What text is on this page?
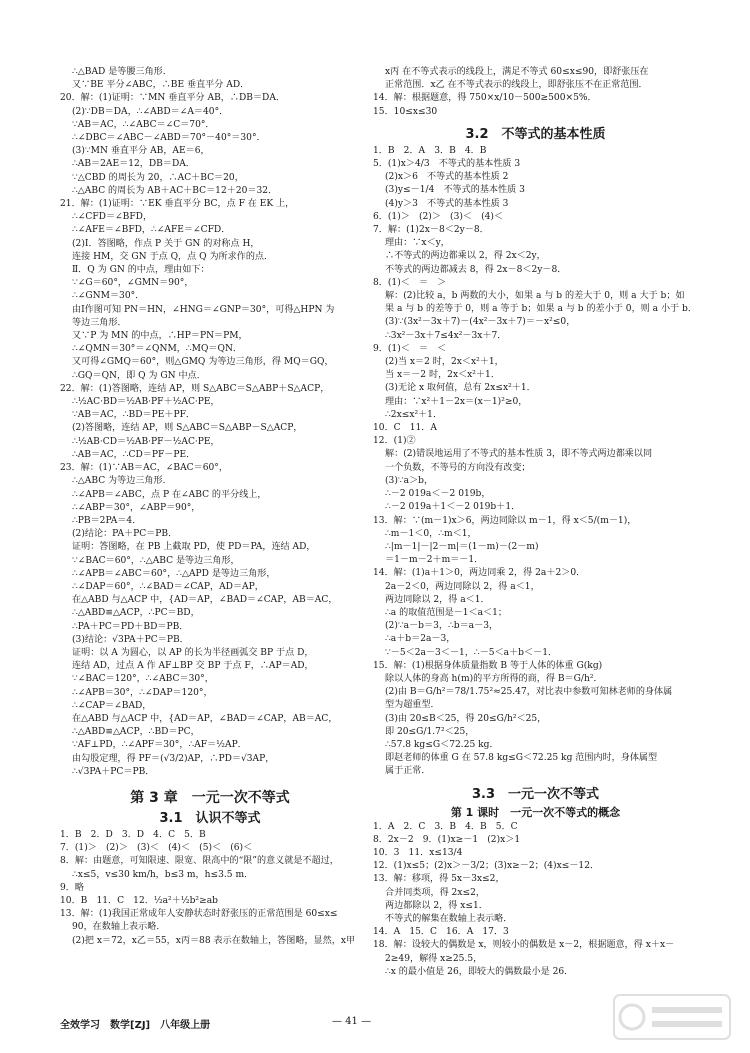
∴△BAD 是等腰三角形．
又∵BE 平分∠ABC，∴BE 垂直平分 AD．
20．解：(1)证明：∵MN 垂直平分 AB，∴DB＝DA．
(2)∵DB＝DA，∴∠ABD＝∠A＝40°．
∵AB＝AC，∴∠ABC＝∠C＝70°．
∴∠DBC＝∠ABC－∠ABD＝70°－40°＝30°．
(3)∵MN 垂直平分 AB，AE＝6，
∴AB＝2AE＝12，DB＝DA．
∵△CBD 的周长为 20，∴AC＋BC＝20，
∴△ABC 的周长为 AB＋AC＋BC＝12＋20＝32．
21．解：(1)证明：∵EK 垂直平分 BC，点 F 在 EK 上，
∴∠CFD＝∠BFD，
∴∠AFE＝∠BFD，∴∠AFE＝∠CFD．
(2)Ⅰ．答图略，作点 P 关于 GN 的对称点 H，
连接 HM，交 GN 于点 Q，点 Q 为所求作的点．
Ⅱ．Q 为 GN 的中点，理由如下：
∵∠G＝60°，∠GMN＝90°，
∴∠GNM＝30°．
由Ⅰ作图可知 PN＝HN，∠HNG＝∠GNP＝30°，可得△HPN 为
等边三角形．
又∵P 为 MN 的中点，∴HP＝PN＝PM，
∴∠QMN＝30°＝∠QNM，∴MQ＝QN．
又可得∠GMQ＝60°，则△GMQ 为等边三角形，得 MQ＝GQ，
∴GQ＝QN，即 Q 为 GN 中点．
22．解：(1)答图略，连结 AP，则 S△ABC＝S△ABP＋S△ACP，
∴½AC·BD＝½AB·PF＋½AC·PE，
∵AB＝AC，∴BD＝PE＋PF．
(2)答图略，连结 AP，则 S△ABC＝S△ABP－S△ACP，
∴½AB·CD＝½AB·PF－½AC·PE，
∴AB＝AC，∴CD＝PF－PE．
23．解：(1)∵AB＝AC，∠BAC＝60°，
∴△ABC 为等边三角形．
∴∠APB＝∠ABC，点 P 在∠ABC 的平分线上，
∴∠ABP＝30°，∠ABP＝90°，
∴PB＝2PA＝4．
(2)结论：PA＋PC＝PB．
证明：答图略，在 PB 上截取 PD，使 PD＝PA，连结 AD，
∵∠BAC＝60°，∴△ABC 是等边三角形，
∴∠APB＝∠ABC＝60°，∴△APD 是等边三角形，
∴∠DAP＝60°，∴∠BAD＝∠CAP，AD＝AP，
在△ABD 与△ACP 中，{AD＝AP，∠BAD＝∠CAP，AB＝AC，
∴△ABD≌△ACP，∴PC＝BD，
∴PA＋PC＝PD＋BD＝PB．
(3)结论：√3PA＋PC＝PB．
证明：以 A 为圆心，以 AP 的长为半径画弧交 BP 于点 D，
连结 AD，过点 A 作 AF⊥BP 交 BP 于点 F，∴AP＝AD，
∵∠BAC＝120°，∴∠ABC＝30°，
∴∠APB＝30°，∴∠DAP＝120°，
∴∠CAP＝∠BAD，
在△ABD 与△ACP 中，{AD＝AP，∠BAD＝∠CAP，AB＝AC，
∴△ABD≌△ACP，∴BD＝PC，
∵AF⊥PD，∴∠APF＝30°，∴AF＝½AP．
由勾股定理，得 PF＝(√3/2)AP，∴PD＝√3AP，
∴√3PA＋PC＝PB．
第 3 章　一元一次不等式
3.1　认识不等式
1．B　2．D　3．D　4．C　5．B
7．(1)＞　(2)＞　(3)＜　(4)＜　(5)＜　(6)＜
8．解：由题意，可知限速、限宽、限高中的“限”的意义就是不超过，
∴x≤5，v≤30 km/h，b≤3 m，h≤3.5 m．
9．略
10．B　11．C　12．½a²＋½b²≥ab
13．解：(1)我国正常成年人安静状态时舒张压的正常范围是 60≤x≤
90，在数轴上表示略．
(2)把 x＝72，x乙＝55，x丙＝88 表示在数轴上，答图略，显然，x甲
x丙 在不等式表示的线段上，满足不等式 60≤x≤90，即舒张压在
正常范围．x乙 在不等式表示的线段上，即舒张压不在正常范围．
14．解：根据题意，得 750×x/10－500≥500×5%．
15．10≤x≤30
3.2　不等式的基本性质
1．B　2．A　3．B　4．B
5．(1)x＞4/3　不等式的基本性质 3
(2)x＞6　不等式的基本性质 2
(3)y≤－1/4　不等式的基本性质 3
(4)y＞3　不等式的基本性质 3
6．(1)＞　(2)＞　(3)＜　(4)＜
7．解：(1)2x－8＜2y－8．
理由：∵x＜y，
∴不等式的两边都乘以 2，得 2x＜2y，
不等式的两边都减去 8，得 2x－8＜2y－8．
8．(1)＜　＝　＞
解：(2)比较 a，b 两数的大小，如果 a 与 b 的差大于 0，则 a 大于 b；如
果 a 与 b 的差等于 0，则 a 等于 b；如果 a 与 b 的差小于 0，则 a 小于 b．
(3)∵(3x²－3x＋7)－(4x²－3x＋7)＝－x²≤0，
∴3x²－3x＋7≤4x²－3x＋7．
9．(1)＜　＝　＜
(2)当 x＝2 时，2x＜x²＋1，
当 x＝－2 时，2x＜x²＋1．
(3)无论 x 取何值，总有 2x≤x²＋1．
理由：∵x²＋1－2x＝(x－1)²≥0，
∴2x≤x²＋1．
10．C　11．A
12．(1)②
解：(2)错误地运用了不等式的基本性质 3，即不等式两边都乘以同
一个负数，不等号的方向没有改变；
(3)∵a＞b，
∴－2 019a＜－2 019b，
∴－2 019a＋1＜－2 019b＋1．
13．解：∵(m－1)x＞6，两边同除以 m－1，得 x＜5/(m－1)，
∴m－1＜0，∴m＜1，
∴|m－1|－|2－m|＝(1－m)－(2－m)
＝1－m－2＋m＝－1．
14．解：(1)a＋1＞0，两边同乘 2，得 2a＋2＞0．
2a－2＜0，两边同除以 2，得 a＜1，
两边同除以 2，得 a＜1．
∴a 的取值范围是－1＜a＜1；
(2)∵a－b＝3，∴b＝a－3，
∴a＋b＝2a－3，
∵－5＜2a－3＜－1，∴－5＜a＋b＜－1．
15．解：(1)根据身体质量指数 B 等于人体的体重 G(kg)
除以人体的身高 h(m)的平方所得的商，得 B＝G/h²．
(2)由 B＝G/h²＝78/1.75²≈25.47，对比表中参数可知林老师的身体属
型为超重型．
(3)由 20≤B＜25，得 20≤G/h²＜25，
即 20≤G/1.7²＜25，
∴57.8 kg≤G＜72.25 kg．
即赵老师的体重 G 在 57.8 kg≤G＜72.25 kg 范围内时，身体属型
属于正常．
3.3　一元一次不等式
第 1 课时　一元一次不等式的概念
1．A　2．C　3．B　4．B　5．C
8．2x－2　9．(1)x≥－1　(2)x＞1
10．3　11．x≤13/4
12．(1)x≤5；(2)x＞－3/2；(3)x≥－2；(4)x≤－12．
13．解：移项，得 5x－3x≤2，
合并同类项，得 2x≤2，
两边都除以 2，得 x≤1．
不等式的解集在数轴上表示略．
14．A　15．C　16．A　17．3
18．解：设较大的偶数是 x，则较小的偶数是 x－2，根据题意，得 x＋x－
2≥49，解得 x≥25.5，
∴x 的最小值是 26，即较大的偶数最小是 26．
全效学习　数学[ZJ]　八年级上册	— 41 —
